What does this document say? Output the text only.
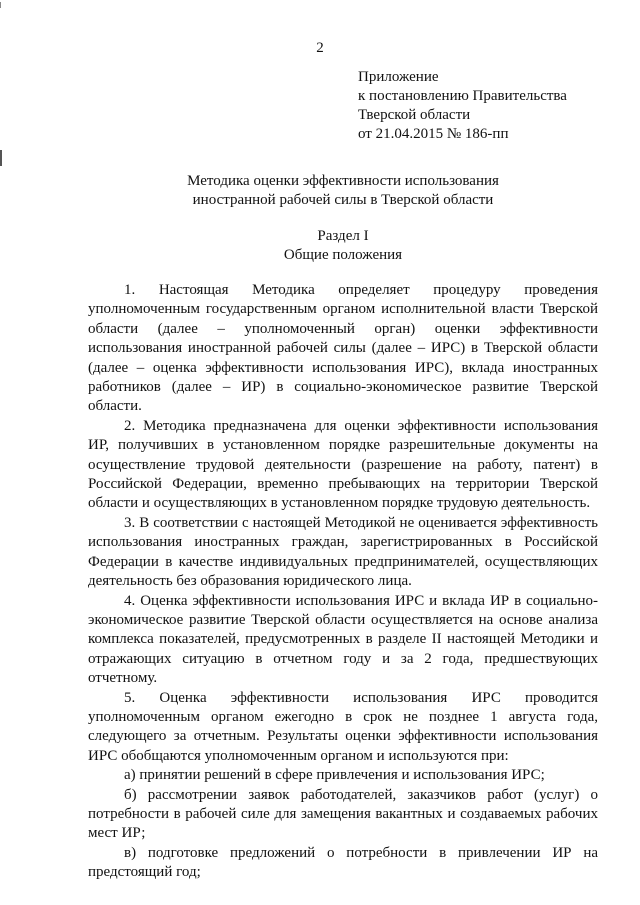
2
Приложение
к постановлению Правительства
Тверской области
от 21.04.2015 № 186-пп
Методика оценки эффективности использования
иностранной рабочей силы в Тверской области
Раздел I
Общие положения

1. Настоящая Методика определяет процедуру проведения уполномоченным государственным органом исполнительной власти Тверской области (далее – уполномоченный орган) оценки эффективности использования иностранной рабочей силы (далее – ИРС) в Тверской области (далее – оценка эффективности использования ИРС), вклада иностранных работников (далее – ИР) в социально-экономическое развитие Тверской области.

2. Методика предназначена для оценки эффективности использования ИР, получивших в установленном порядке разрешительные документы на осуществление трудовой деятельности (разрешение на работу, патент) в Российской Федерации, временно пребывающих на территории Тверской области и осуществляющих в установленном порядке трудовую деятельность.

3. В соответствии с настоящей Методикой не оценивается эффективность использования иностранных граждан, зарегистрированных в Российской Федерации в качестве индивидуальных предпринимателей, осуществляющих деятельность без образования юридического лица.

4. Оценка эффективности использования ИРС и вклада ИР в социально-экономическое развитие Тверской области осуществляется на основе анализа комплекса показателей, предусмотренных в разделе II настоящей Методики и отражающих ситуацию в отчетном году и за 2 года, предшествующих отчетному.

5. Оценка эффективности использования ИРС проводится уполномоченным органом ежегодно в срок не позднее 1 августа года, следующего за отчетным. Результаты оценки эффективности использования ИРС обобщаются уполномоченным органом и используются при:

а) принятии решений в сфере привлечения и использования ИРС;

б) рассмотрении заявок работодателей, заказчиков работ (услуг) о потребности в рабочей силе для замещения вакантных и создаваемых рабочих мест ИР;

в) подготовке предложений о потребности в привлечении ИР на предстоящий год;
